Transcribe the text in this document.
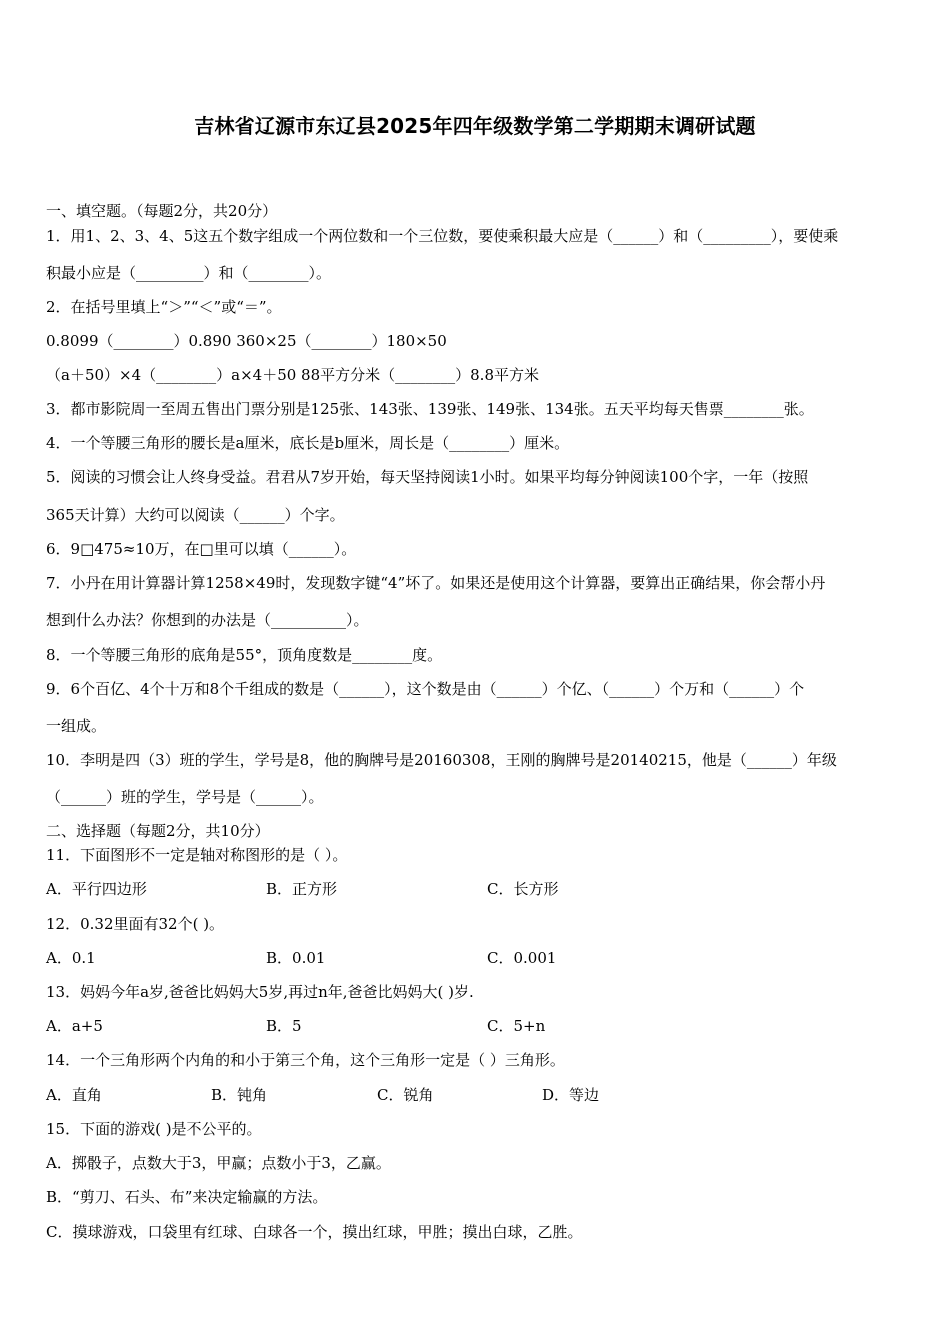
吉林省辽源市东辽县2025年四年级数学第二学期期末调研试题
一、填空题。（每题2分，共20分）
1．用1、2、3、4、5这五个数字组成一个两位数和一个三位数，要使乘积最大应是（______）和（_________），要使乘
积最小应是（_________）和（________）。
2．在括号里填上“＞”“＜”或“＝”。
0.8099（________）0.890 360×25（________）180×50
（a＋50）×4（________）a×4＋50 88平方分米（________）8.8平方米
3．都市影院周一至周五售出门票分别是125张、143张、139张、149张、134张。五天平均每天售票________张。
4．一个等腰三角形的腰长是a厘米，底长是b厘米，周长是（________）厘米。
5．阅读的习惯会让人终身受益。君君从7岁开始，每天坚持阅读1小时。如果平均每分钟阅读100个字，一年（按照
365天计算）大约可以阅读（______）个字。
6．9□475≈10万，在□里可以填（______）。
7．小丹在用计算器计算1258×49时，发现数字键“4”坏了。如果还是使用这个计算器，要算出正确结果，你会帮小丹
想到什么办法？你想到的办法是（__________）。
8．一个等腰三角形的底角是55°，顶角度数是________度。
9．6个百亿、4个十万和8个千组成的数是（______），这个数是由（______）个亿、（______）个万和（______）个
一组成。
10．李明是四（3）班的学生，学号是8，他的胸牌号是20160308，王刚的胸牌号是20140215，他是（______）年级
（______）班的学生，学号是（______）。
二、选择题（每题2分，共10分）
11．下面图形不一定是轴对称图形的是（ ）。
A．平行四边形	B．正方形	C．长方形
12．0.32里面有32个( )。
A．0.1	B．0.01	C．0.001
13．妈妈今年a岁,爸爸比妈妈大5岁,再过n年,爸爸比妈妈大( )岁.
A．a+5	B．5	C．5+n
14．一个三角形两个内角的和小于第三个角，这个三角形一定是（ ）三角形。
A．直角	B．钝角	C．锐角	D．等边
15．下面的游戏( )是不公平的。
A．掷骰子，点数大于3，甲赢；点数小于3，乙赢。
B．“剪刀、石头、布”来决定输赢的方法。
C．摸球游戏，口袋里有红球、白球各一个，摸出红球，甲胜；摸出白球，乙胜。
